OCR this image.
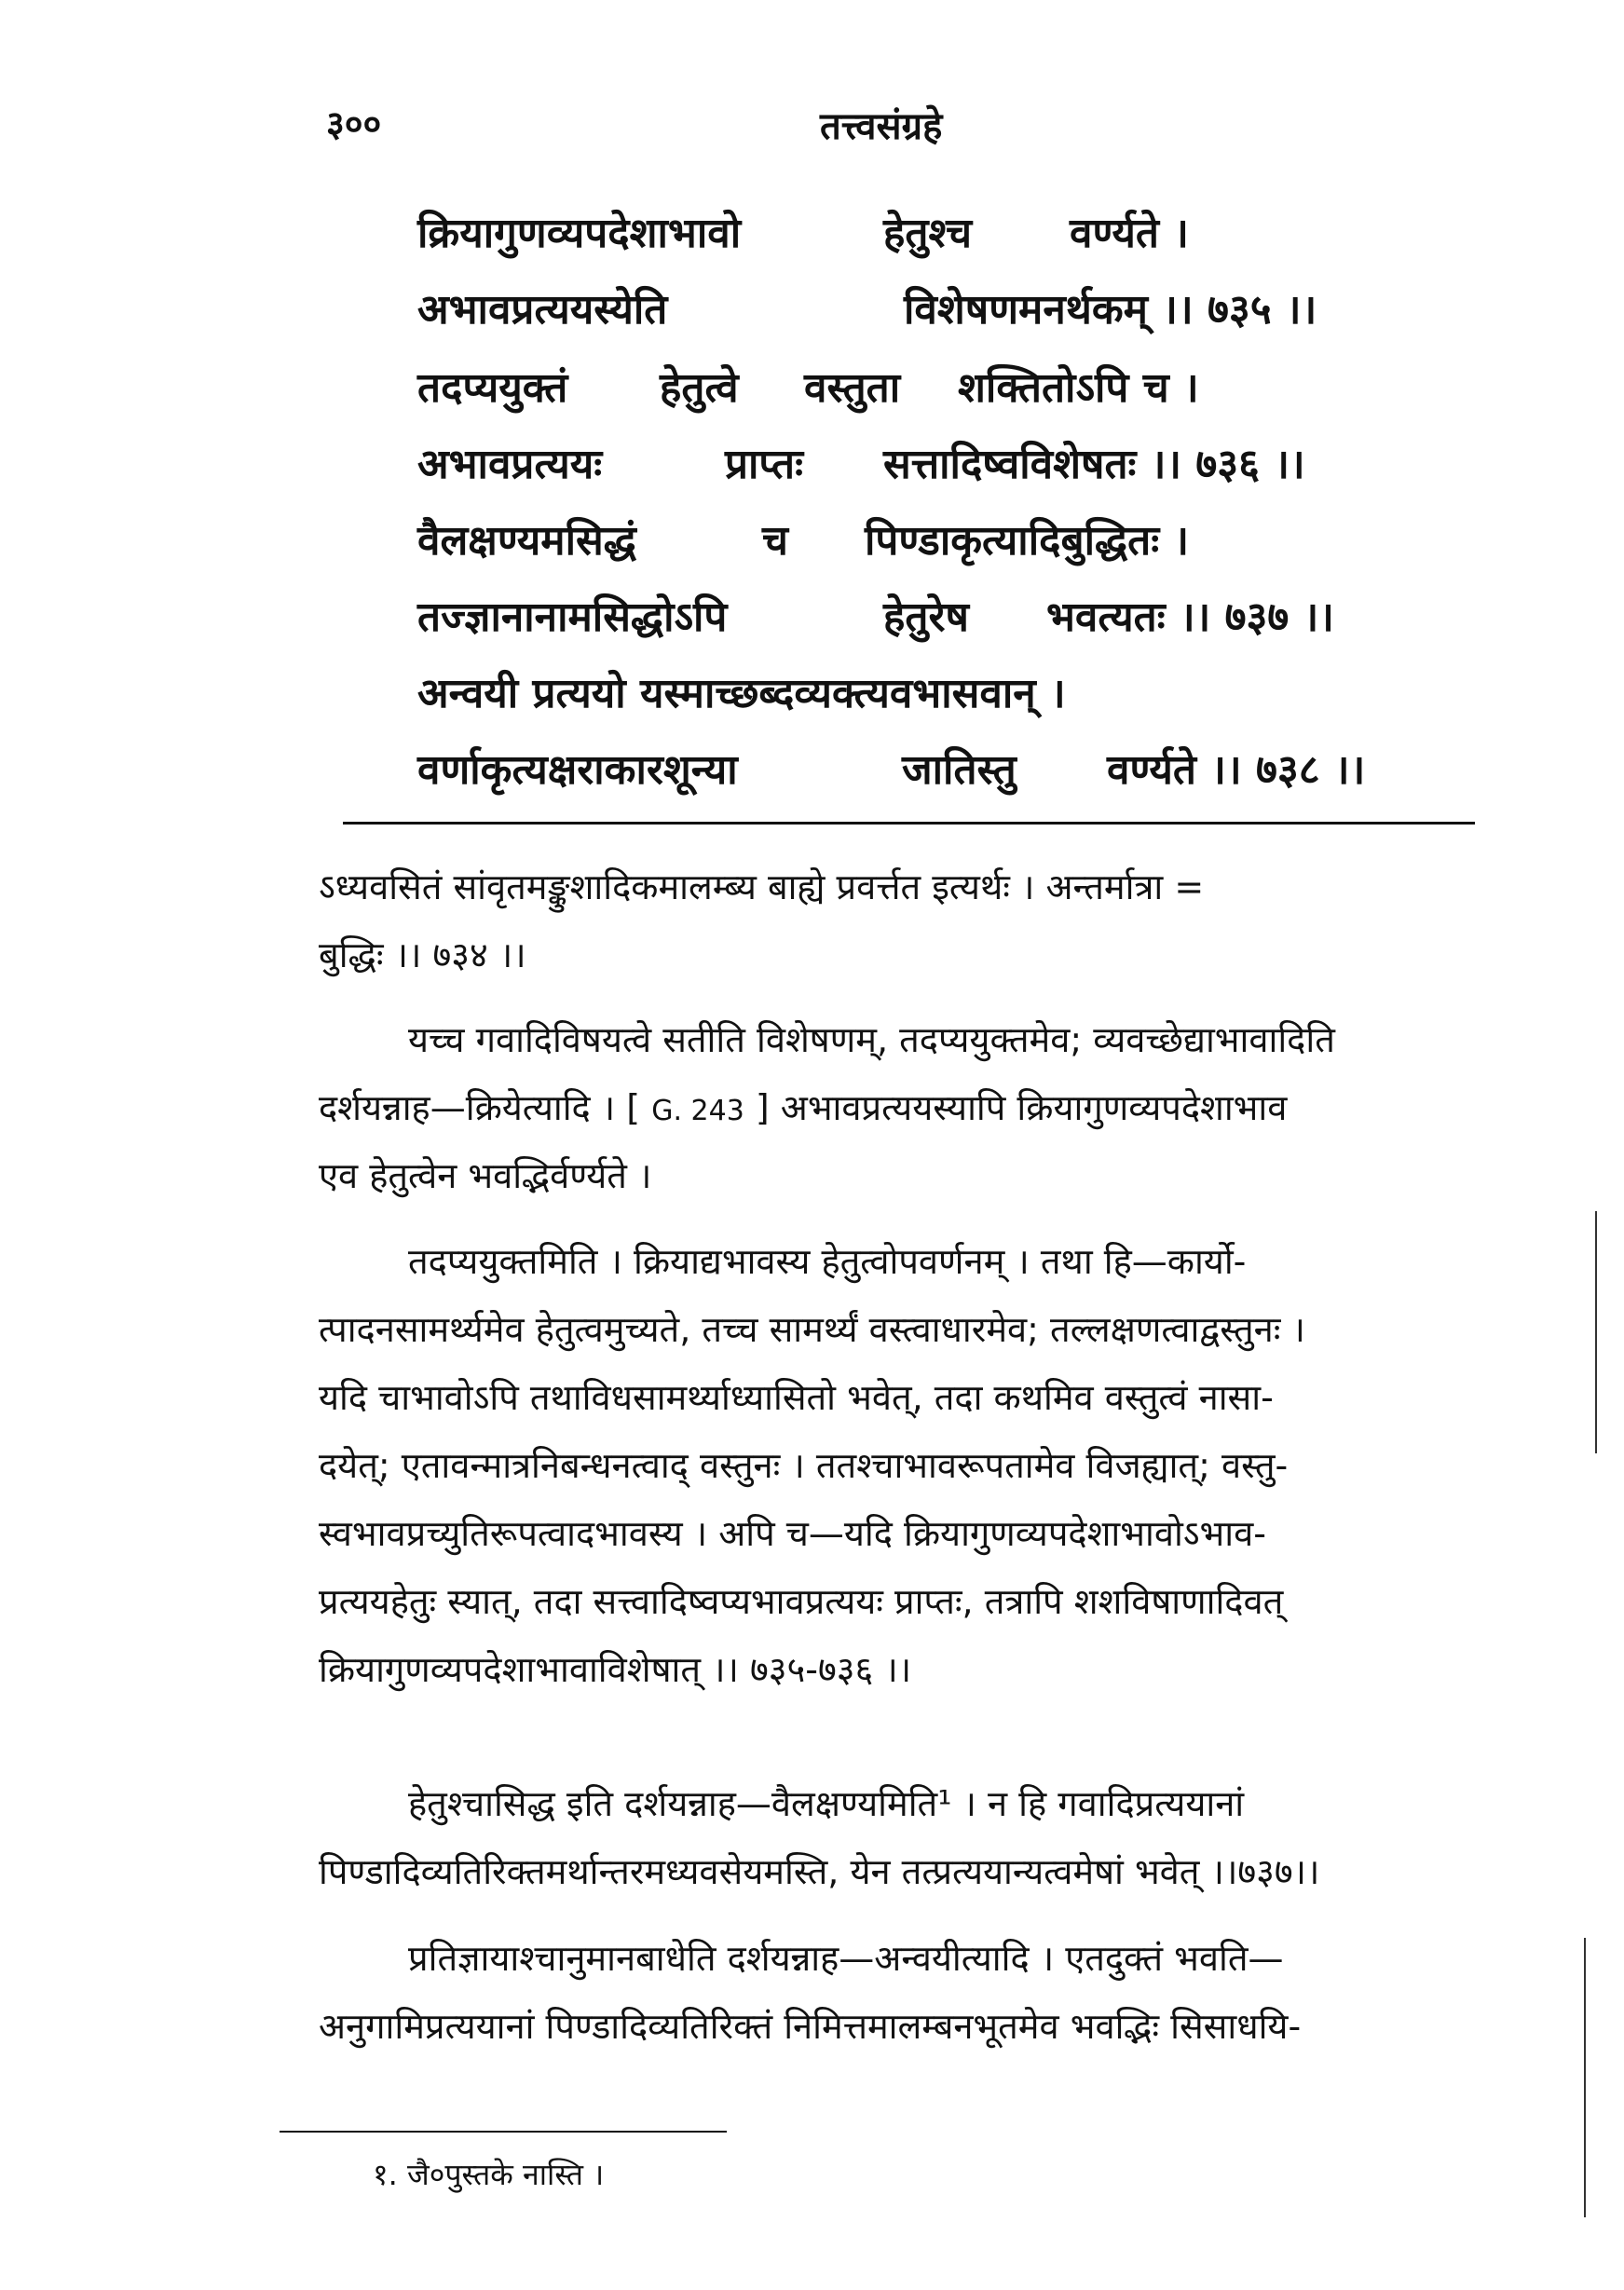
३००	तत्त्वसंग्रहे
क्रियागुणव्यपदेशाभावो	हेतुश्च वर्ण्यते ।
अभावप्रत्ययस्येति	विशेषणमनर्थकम् ।। ७३५ ।।
तदप्ययुक्तं हेतुत्वे वस्तुता शक्तितोऽपि च ।
अभावप्रत्ययः	प्राप्तः सत्तादिष्वविशेषतः ।। ७३६ ।।
वैलक्षण्यमसिद्धं	च पिण्डाकृत्यादिबुद्धितः ।
तज्ज्ञानानामसिद्धोऽपि	हेतुरेष भवत्यतः ।। ७३७ ।।
अन्वयी प्रत्ययो यस्माच्छब्दव्यक्त्यवभासवान् ।
वर्णाकृत्यक्षराकारशून्या	जातिस्तु वर्ण्यते ।। ७३८ ।।
ऽध्यवसितं सांवृतमङ्कुशादिकमालम्ब्य बाह्ये प्रवर्त्तत इत्यर्थः । अन्तर्मात्रा =
बुद्धिः ।। ७३४ ।।
यच्च गवादिविषयत्वे सतीति विशेषणम्, तदप्ययुक्तमेव; व्यवच्छेद्याभावादिति
दर्शयन्नाह—क्रियेत्यादि । [ G. 243 ] अभावप्रत्ययस्यापि क्रियागुणव्यपदेशाभाव
एव हेतुत्वेन भवद्भिर्वर्ण्यते ।
तदप्ययुक्तमिति । क्रियाद्यभावस्य हेतुत्वोपवर्णनम् । तथा हि—कार्यो-
त्पादनसामर्थ्यमेव हेतुत्वमुच्यते, तच्च सामर्थ्यं वस्त्वाधारमेव; तल्लक्षणत्वाद्वस्तुनः ।
यदि चाभावोऽपि तथाविधसामर्थ्याध्यासितो भवेत्, तदा कथमिव वस्तुत्वं नासा-
दयेत्; एतावन्मात्रनिबन्धनत्वाद् वस्तुनः । ततश्चाभावरूपतामेव विजह्यात्; वस्तु-
स्वभावप्रच्युतिरूपत्वादभावस्य । अपि च—यदि क्रियागुणव्यपदेशाभावोऽभाव-
प्रत्ययहेतुः स्यात्, तदा सत्त्वादिष्वप्यभावप्रत्ययः प्राप्तः, तत्रापि शशविषाणादिवत्
क्रियागुणव्यपदेशाभावाविशेषात् ।। ७३५-७३६ ।।
हेतुश्चासिद्ध इति दर्शयन्नाह—वैलक्षण्यमिति¹ । न हि गवादिप्रत्ययानां
पिण्डादिव्यतिरिक्तमर्थान्तरमध्यवसेयमस्ति, येन तत्प्रत्ययान्यत्वमेषां भवेत् ।।७३७।।
प्रतिज्ञायाश्चानुमानबाधेति दर्शयन्नाह—अन्वयीत्यादि । एतदुक्तं भवति—
अनुगामिप्रत्ययानां पिण्डादिव्यतिरिक्तं निमित्तमालम्बनभूतमेव भवद्भिः सिसाधयि-
१. जै०पुस्तके नास्ति ।
